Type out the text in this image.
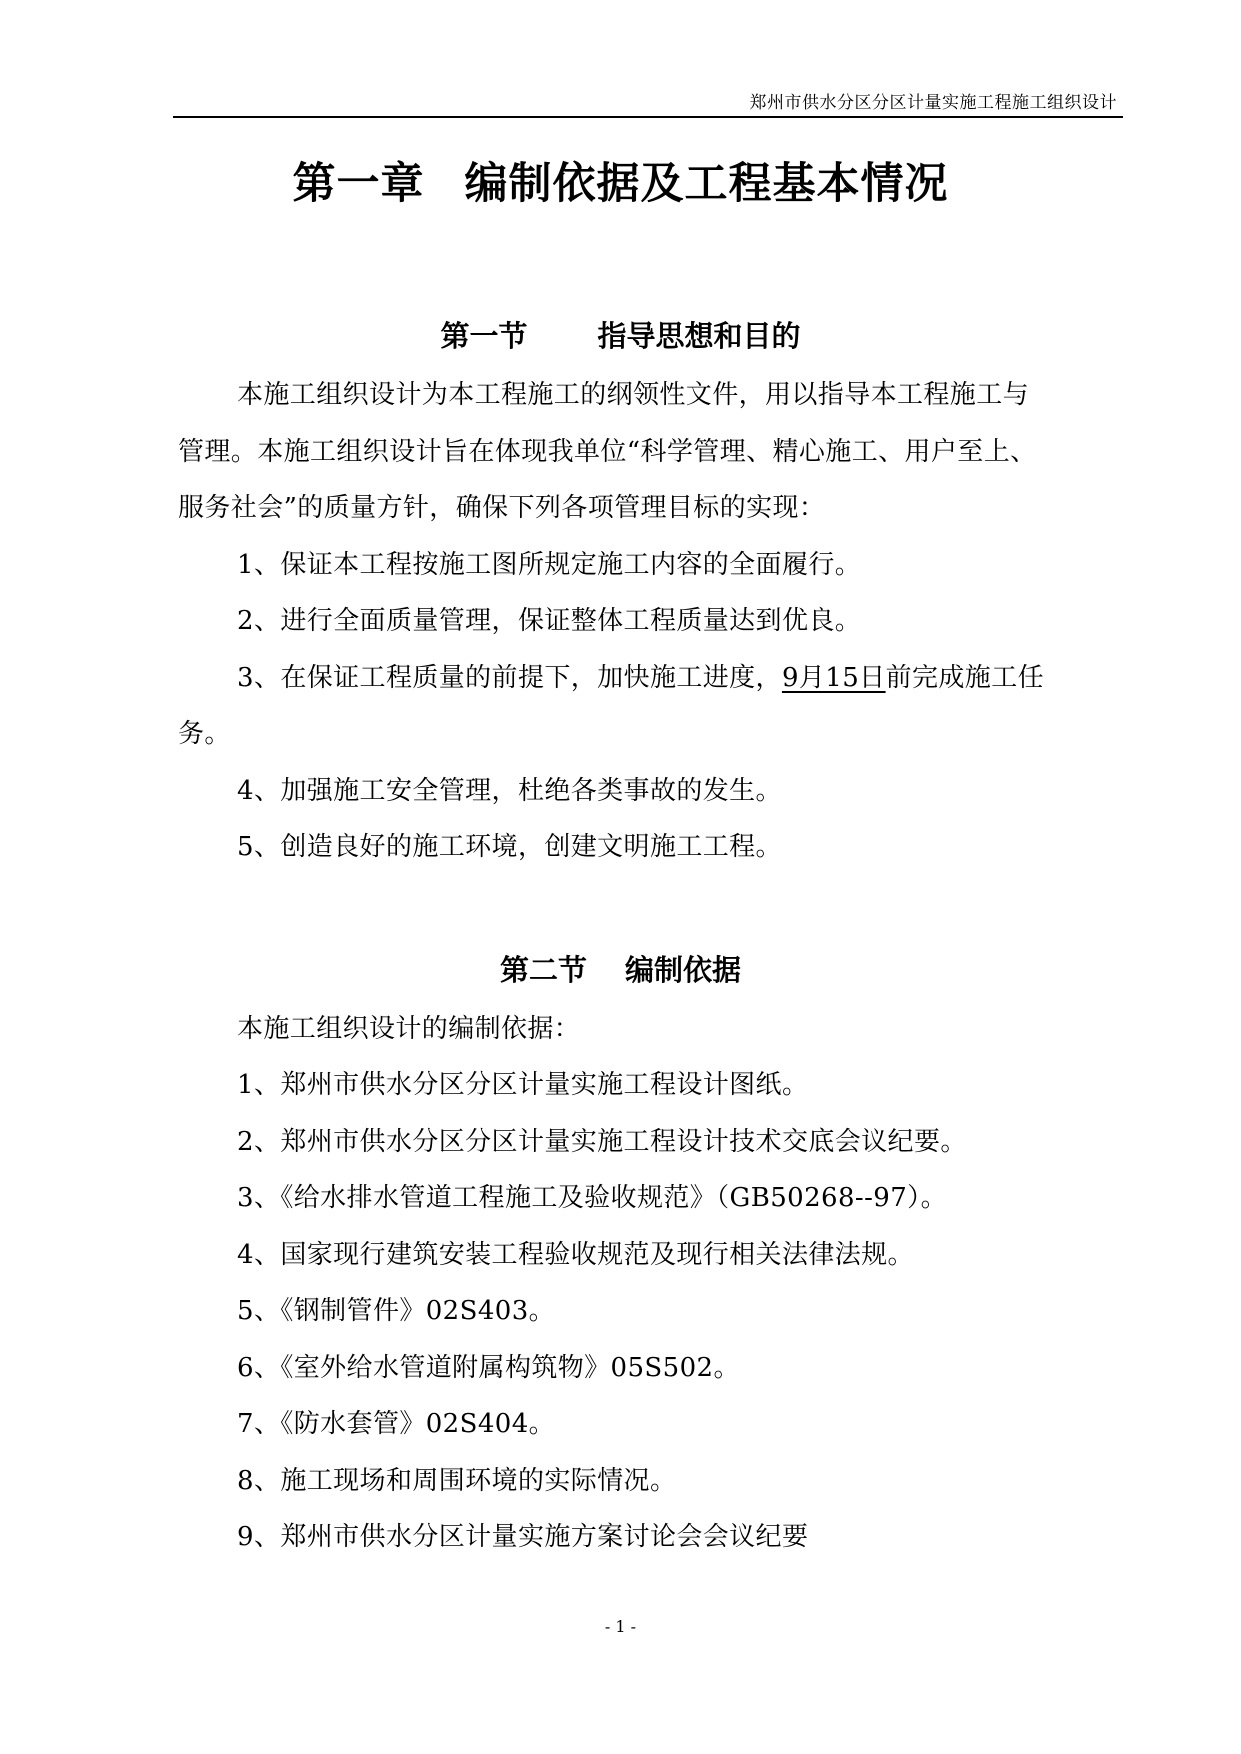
郑州市供水分区分区计量实施工程施工组织设计
第一章 编制依据及工程基本情况
第一节 指导思想和目的
本施工组织设计为本工程施工的纲领性文件，用以指导本工程施工与
管理。本施工组织设计旨在体现我单位“科学管理、精心施工、用户至上、
服务社会”的质量方针，确保下列各项管理目标的实现：
1、保证本工程按施工图所规定施工内容的全面履行。
2、进行全面质量管理，保证整体工程质量达到优良。
3、在保证工程质量的前提下，加快施工进度，9月15日前完成施工任
务。
4、加强施工安全管理，杜绝各类事故的发生。
5、创造良好的施工环境，创建文明施工工程。
第二节 编制依据
本施工组织设计的编制依据：
1、郑州市供水分区分区计量实施工程设计图纸。
2、郑州市供水分区分区计量实施工程设计技术交底会议纪要。
3、《给水排水管道工程施工及验收规范》（GB50268--97）。
4、国家现行建筑安装工程验收规范及现行相关法律法规。
5、《钢制管件》02S403。
6、《室外给水管道附属构筑物》05S502。
7、《防水套管》02S404。
8、施工现场和周围环境的实际情况。
9、郑州市供水分区计量实施方案讨论会会议纪要
- 1 -
